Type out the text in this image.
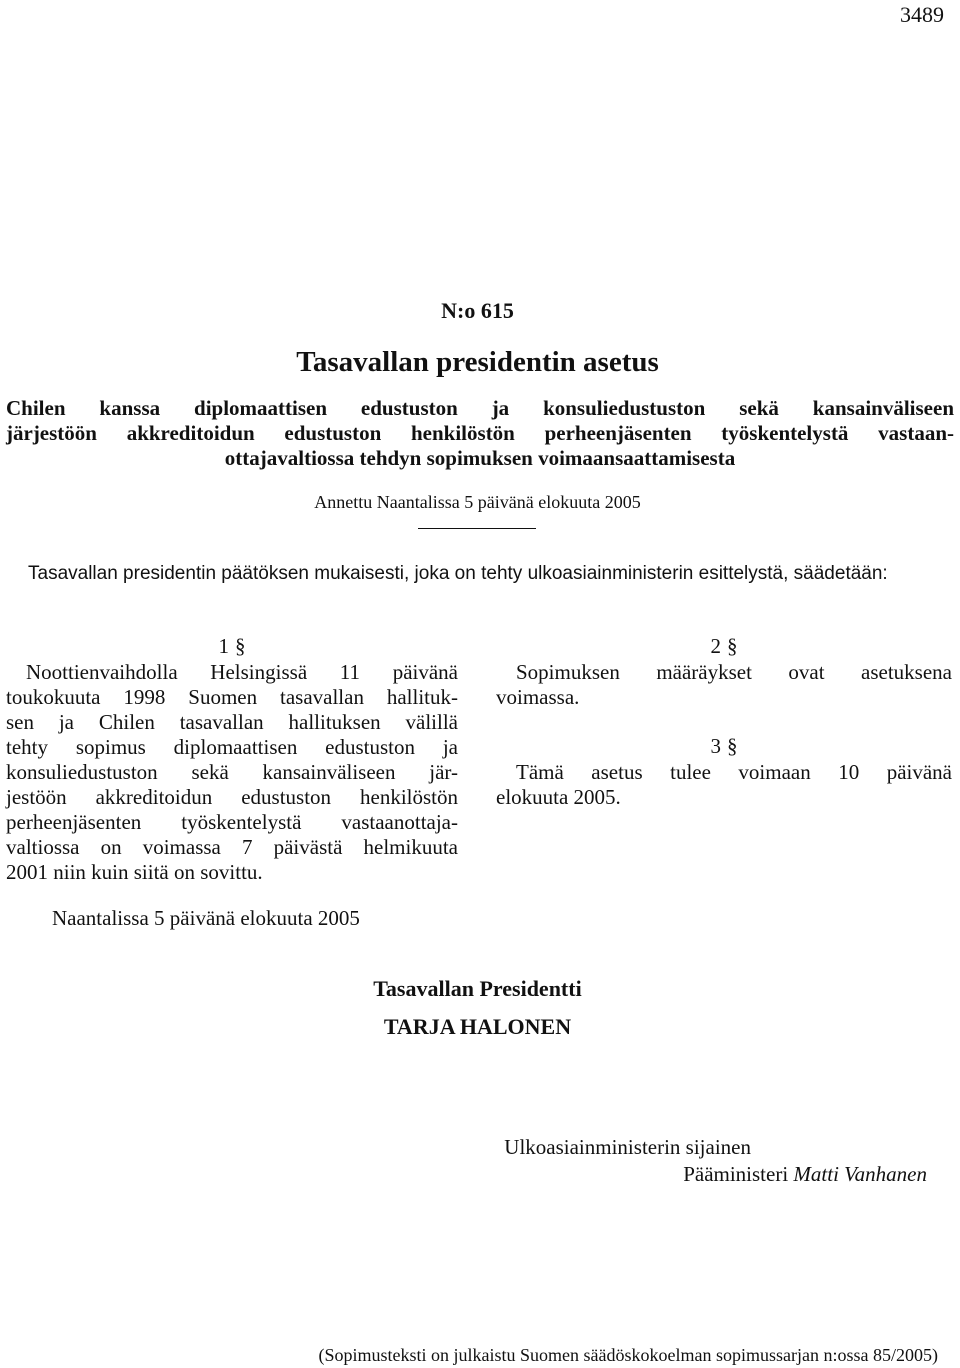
3489
N:o 615
Tasavallan presidentin asetus
Chilen kanssa diplomaattisen edustuston ja konsuliedustuston sekä kansainväliseen
järjestöön akkreditoidun edustuston henkilöstön perheenjäsenten työskentelystä vastaan-
ottajavaltiossa tehdyn sopimuksen voimaansaattamisesta
Annettu Naantalissa 5 päivänä elokuuta 2005
Tasavallan presidentin päätöksen mukaisesti, joka on tehty ulkoasiainministerin esittelystä, säädetään:
1 §
Noottienvaihdolla Helsingissä 11 päivänä
toukokuuta 1998 Suomen tasavallan hallituk-
sen ja Chilen tasavallan hallituksen välillä
tehty sopimus diplomaattisen edustuston ja
konsuliedustuston sekä kansainväliseen jär-
jestöön akkreditoidun edustuston henkilöstön
perheenjäsenten työskentelystä vastaanottaja-
valtiossa on voimassa 7 päivästä helmikuuta
2001 niin kuin siitä on sovittu.
2 §
Sopimuksen määräykset ovat asetuksena
voimassa.
3 §
Tämä asetus tulee voimaan 10 päivänä
elokuuta 2005.
Naantalissa 5 päivänä elokuuta 2005
Tasavallan Presidentti
TARJA HALONEN
Ulkoasiainministerin sijainen
Pääministeri Matti Vanhanen
(Sopimusteksti on julkaistu Suomen säädöskokoelman sopimussarjan n:ossa 85/2005)
